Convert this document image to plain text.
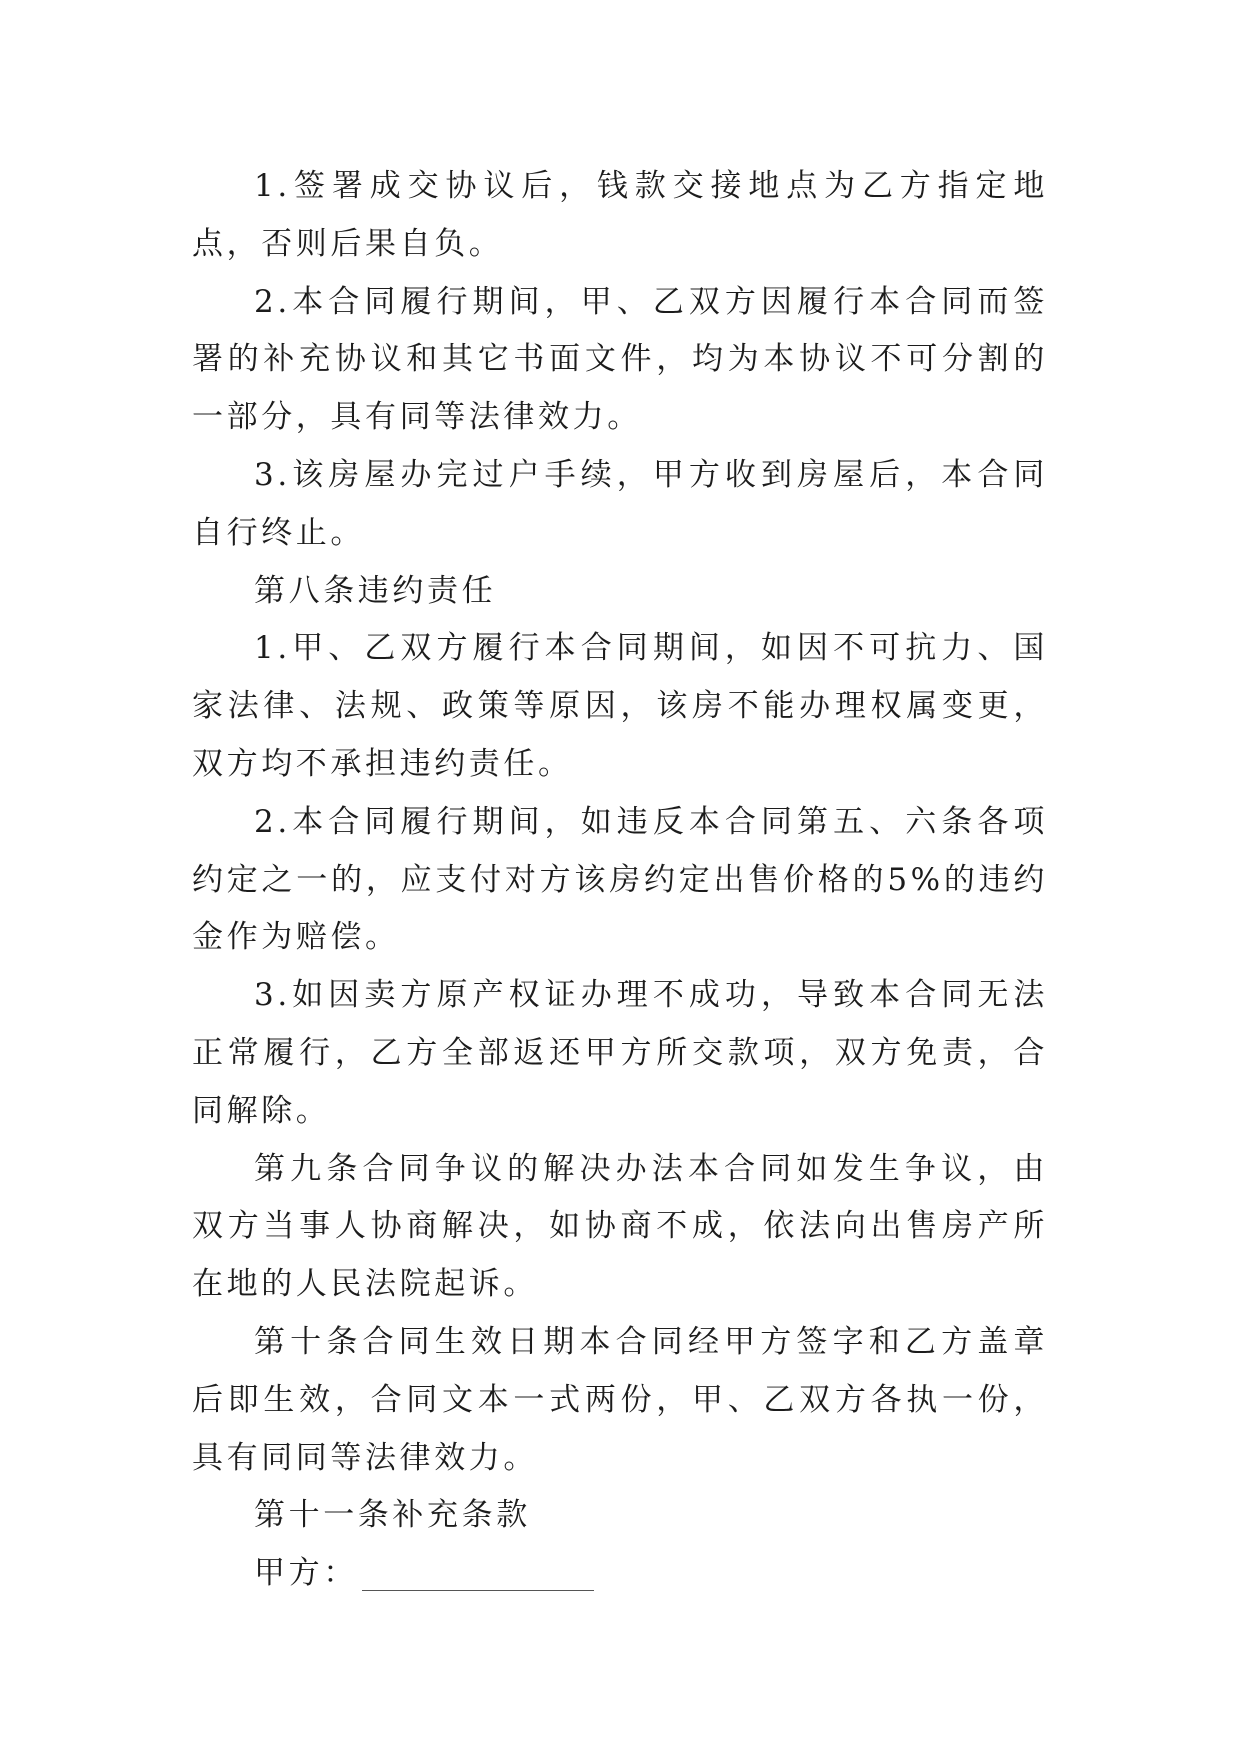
1.签署成交协议后，钱款交接地点为乙方指定地点，否则后果自负。

2.本合同履行期间，甲、乙双方因履行本合同而签署的补充协议和其它书面文件，均为本协议不可分割的一部分，具有同等法律效力。

3.该房屋办完过户手续，甲方收到房屋后，本合同自行终止。

第八条违约责任

1.甲、乙双方履行本合同期间，如因不可抗力、国家法律、法规、政策等原因，该房不能办理权属变更，双方均不承担违约责任。

2.本合同履行期间，如违反本合同第五、六条各项约定之一的，应支付对方该房约定出售价格的5%的违约金作为赔偿。

3.如因卖方原产权证办理不成功，导致本合同无法正常履行，乙方全部返还甲方所交款项，双方免责，合同解除。

第九条合同争议的解决办法本合同如发生争议，由双方当事人协商解决，如协商不成，依法向出售房产所在地的人民法院起诉。

第十条合同生效日期本合同经甲方签字和乙方盖章后即生效，合同文本一式两份，甲、乙双方各执一份，具有同同等法律效力。

第十一条补充条款

甲方：
